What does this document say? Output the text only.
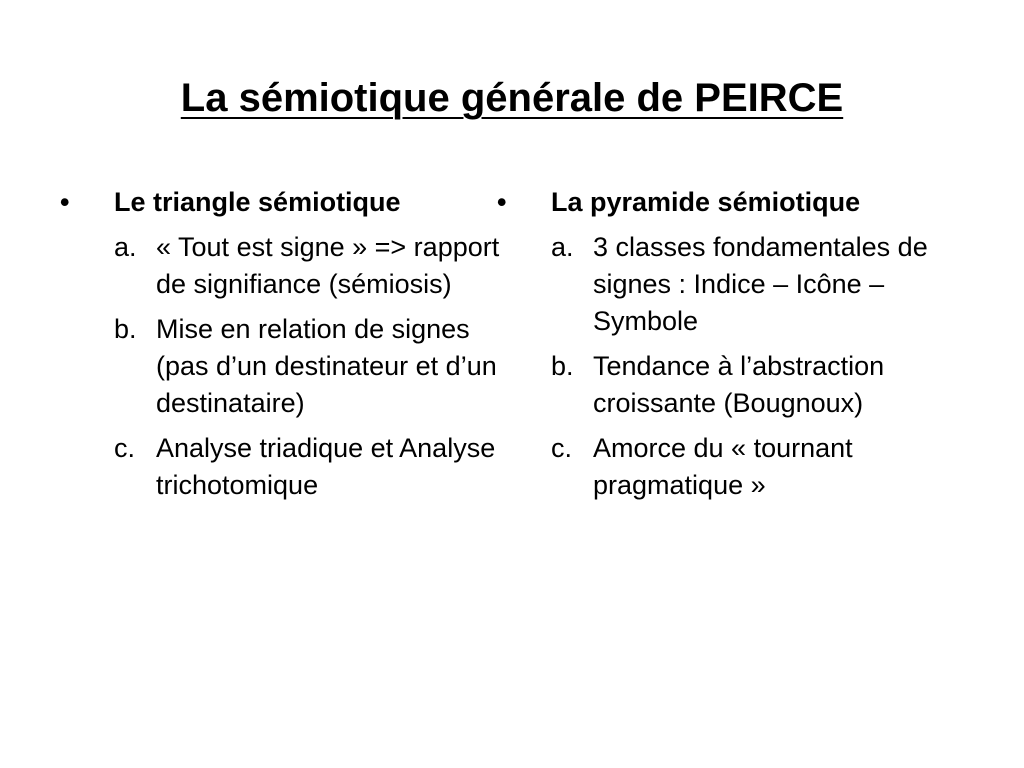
La sémiotique générale de PEIRCE
•	Le triangle sémiotique
a. « Tout est signe » => rapport de signifiance (sémiosis)
b. Mise en relation de signes (pas d’un destinateur et d’un destinataire)
c. Analyse triadique et Analyse trichotomique
•	La pyramide sémiotique
a. 3 classes fondamentales de signes : Indice – Icône – Symbole
b. Tendance à l’abstraction croissante (Bougnoux)
c. Amorce du « tournant pragmatique »
